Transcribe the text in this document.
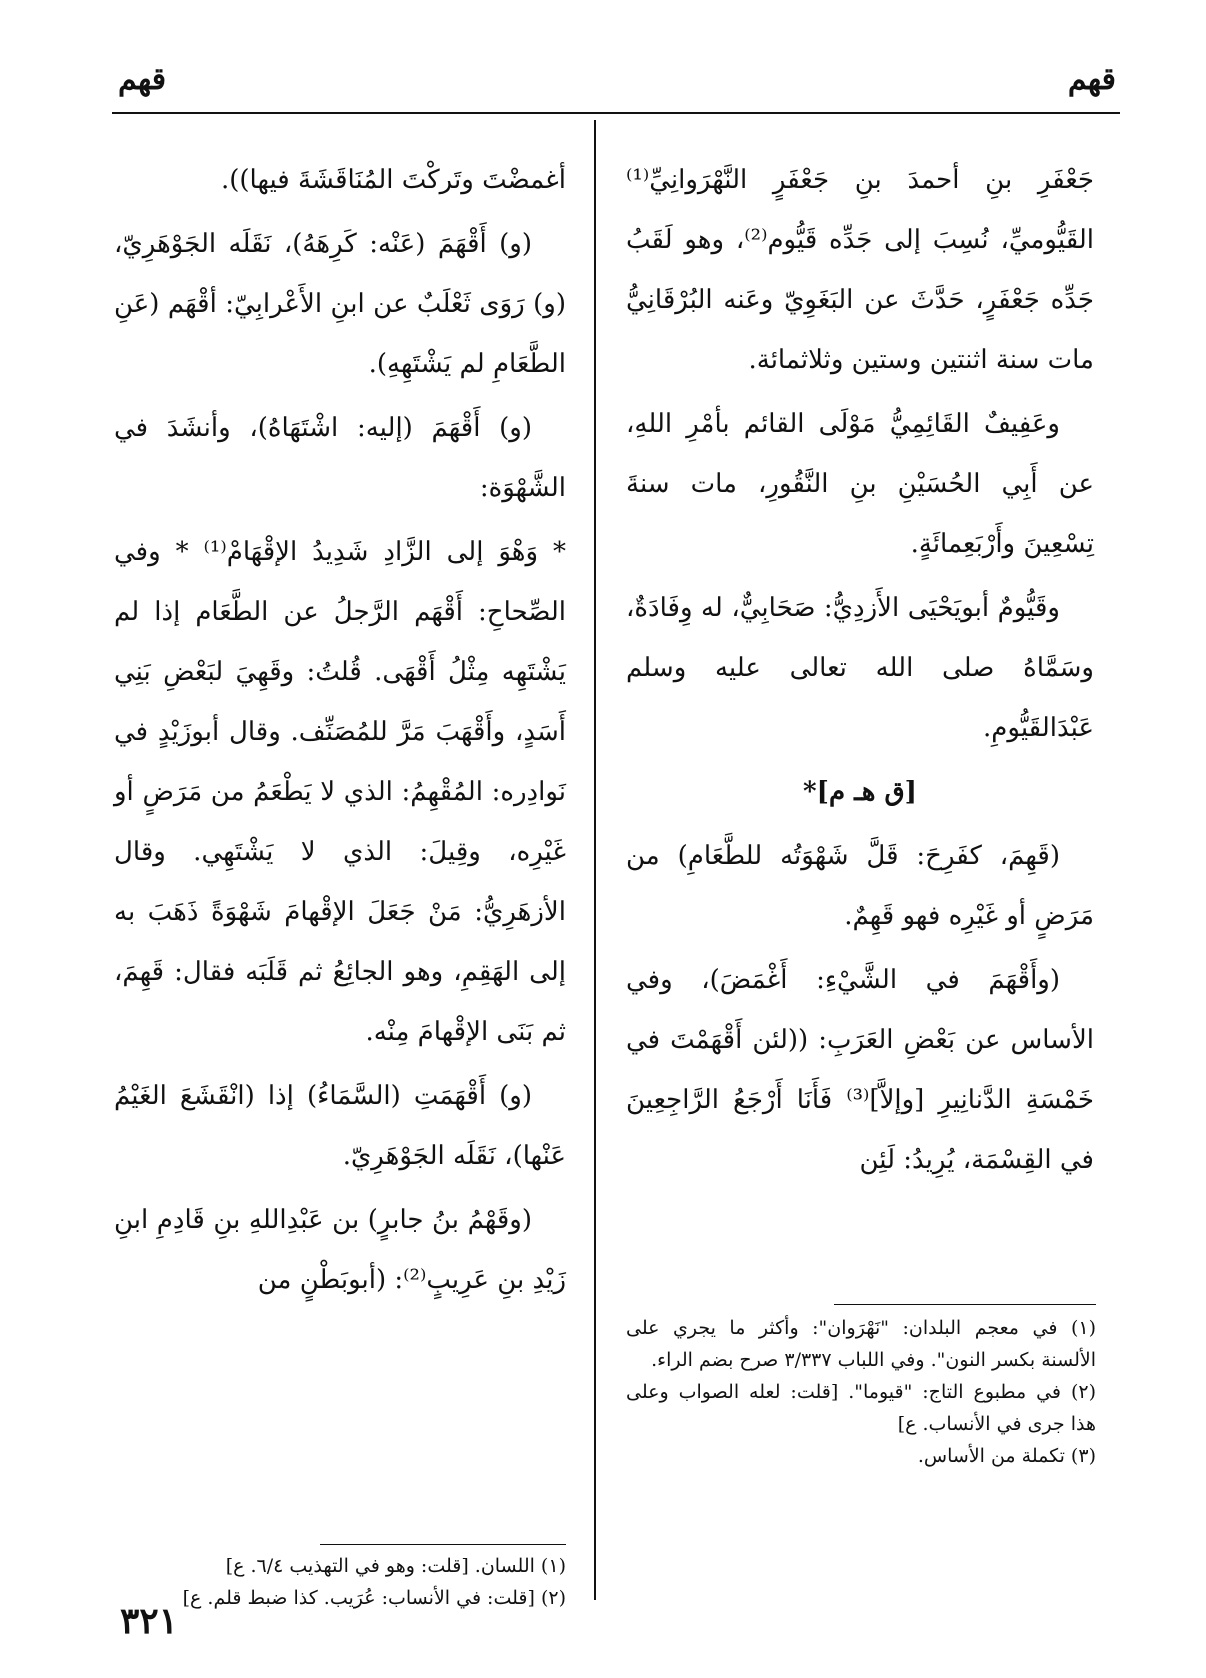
قهم
قهم

جَعْفَرِ بنِ أحمدَ بنِ جَعْفَرٍ النَّهْرَوانِيِّ⁽¹⁾ القَيُّوميِّ، نُسِبَ إلى جَدِّه قَيُّوم⁽²⁾، وهو لَقَبُ جَدِّه جَعْفَرٍ، حَدَّثَ عن البَغَوِيّ وعَنه البُرْقَانِيُّ مات سنة اثنتين وستين وثلاثمائة.

وعَفِيفٌ القَائِمِيُّ مَوْلَى القائم بأمْرِ اللهِ، عن أَبِي الحُسَيْنِ بنِ النَّقُورِ، مات سنةَ تِسْعِينَ وأَرْبَعِمائَةٍ.

وقَيُّومٌ أبويَحْيَى الأَزدِيُّ: صَحَابِيٌّ، له وِفَادَةٌ، وسَمَّاهُ صلى الله تعالى عليه وسلم عَبْدَالقَيُّومِ.

[ق هـ م]*

(قَهِمَ، كفَرِحَ: قَلَّ شَهْوَتُه للطَّعَامِ) من مَرَضٍ أو غَيْرِه فهو قَهِمٌ.

(وأَقْهَمَ في الشَّيْءِ: أَغْمَضَ)، وفي الأساس عن بَعْضِ العَرَبِ: ((لئن أَقْهَمْتَ في خَمْسَةِ الدَّنانِيرِ [وإلاَّ]⁽³⁾ فَأَنَا أَرْجَعُ الرَّاجِعِينَ في القِسْمَة، يُرِيدُ: لَئِن

(١) في معجم البلدان: "نَهْرَوان": وأكثر ما يجري على الألسنة بكسر النون". وفي اللباب ٣/٣٣٧ صرح بضم الراء.

(٢) في مطبوع التاج: "قيوما". [قلت: لعله الصواب وعلى هذا جرى في الأنساب. ع]

(٣) تكملة من الأساس.

أغمضْتَ وتَركْتَ المُنَاقَشَةَ فيها)).

(و) أَقْهَمَ (عَنْه: كَرِهَهُ)، نَقَلَه الجَوْهَرِيّ، (و) رَوَى ثَعْلَبٌ عن ابنِ الأَعْرابِيّ: أقْهَم (عَنِ الطَّعَامِ لم يَشْتَهِهِ).

(و) أَقْهَمَ (إليه: اشْتَهَاهُ)، وأنشَدَ في الشَّهْوَة:

* وَهْوَ إلى الزَّادِ شَدِيدُ الإقْهَامْ⁽¹⁾ * وفي الصِّحاحِ: أَقْهَم الرَّجلُ عن الطَّعَام إذا لم يَشْتَهِه مِثْلُ أَقْهَى. قُلتُ: وقَهِيَ لبَعْضِ بَنِي أَسَدٍ، وأَقْهَبَ مَرَّ للمُصَنِّف. وقال أبوزَيْدٍ في نَوادِره: المُقْهِمُ: الذي لا يَطْعَمُ من مَرَضٍ أو غَيْرِه، وقِيلَ: الذي لا يَشْتَهِي. وقال الأزهَرِيُّ: مَنْ جَعَلَ الإقْهامَ شَهْوَةً ذَهَبَ به إلى الهَقِمِ، وهو الجائِعُ ثم قَلَبَه فقال: قَهِمَ، ثم بَنَى الإقْهامَ مِنْه.

(و) أَقْهَمَتِ (السَّمَاءُ) إذا (انْقَشَعَ الغَيْمُ عَنْها)، نَقَلَه الجَوْهَرِيّ.

(وقَهْمُ بنُ جابرٍ) بن عَبْدِاللهِ بنِ قَادِمِ ابنِ زَيْدِ بنِ عَرِيبٍ⁽²⁾: (أبوبَطْنٍ من

(١) اللسان. [قلت: وهو في التهذيب ٦/٤. ع]

(٢) [قلت: في الأنساب: عُرَيب. كذا ضبط قلم. ع]

٣٢١
